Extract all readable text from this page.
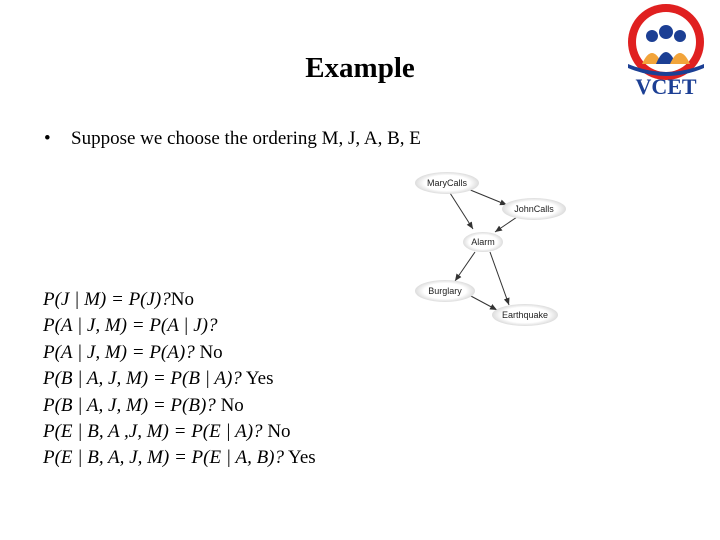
VCET
Example
• Suppose we choose the ordering M, J, A, B, E
MaryCalls
JohnCalls
Alarm
Burglary
Earthquake
P(J | M) = P(J)?No
P(A | J, M) = P(A | J)?
P(A | J, M) = P(A)? No
P(B | A, J, M) = P(B | A)? Yes
P(B | A, J, M) = P(B)? No
P(E | B, A ,J, M) = P(E | A)? No
P(E | B, A, J, M) = P(E | A, B)? Yes
